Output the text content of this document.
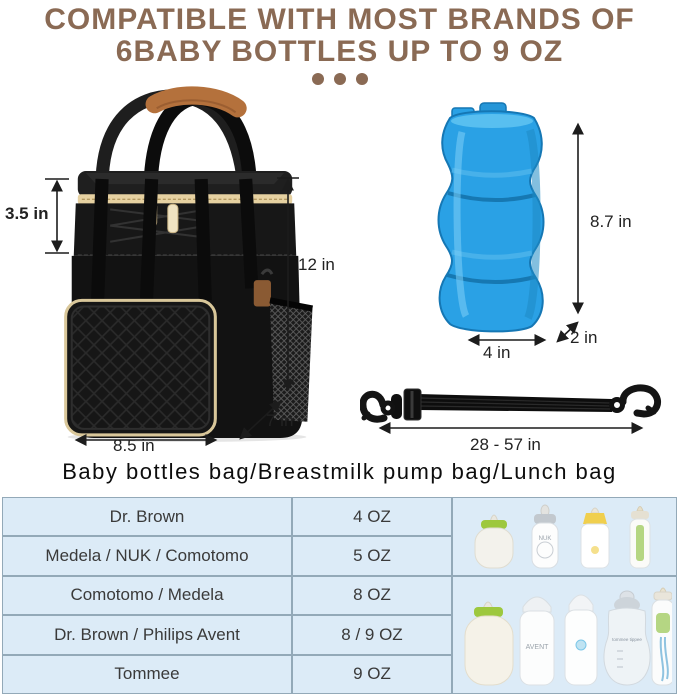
COMPATIBLE WITH MOST BRANDS OF
6BABY BOTTLES UP TO 9 OZ
3.5 in
12 in
8.5 in
7 in
8.7 in
4 in
2 in
28 - 57 in
Baby bottles bag/Breastmilk pump bag/Lunch bag
Dr. Brown	4 OZ
Medela / NUK / Comotomo	5 OZ
Comotomo / Medela	8 OZ
Dr. Brown / Philips Avent	8 / 9 OZ
Tommee	9 OZ
NUK
AVENT
tommee tippee
